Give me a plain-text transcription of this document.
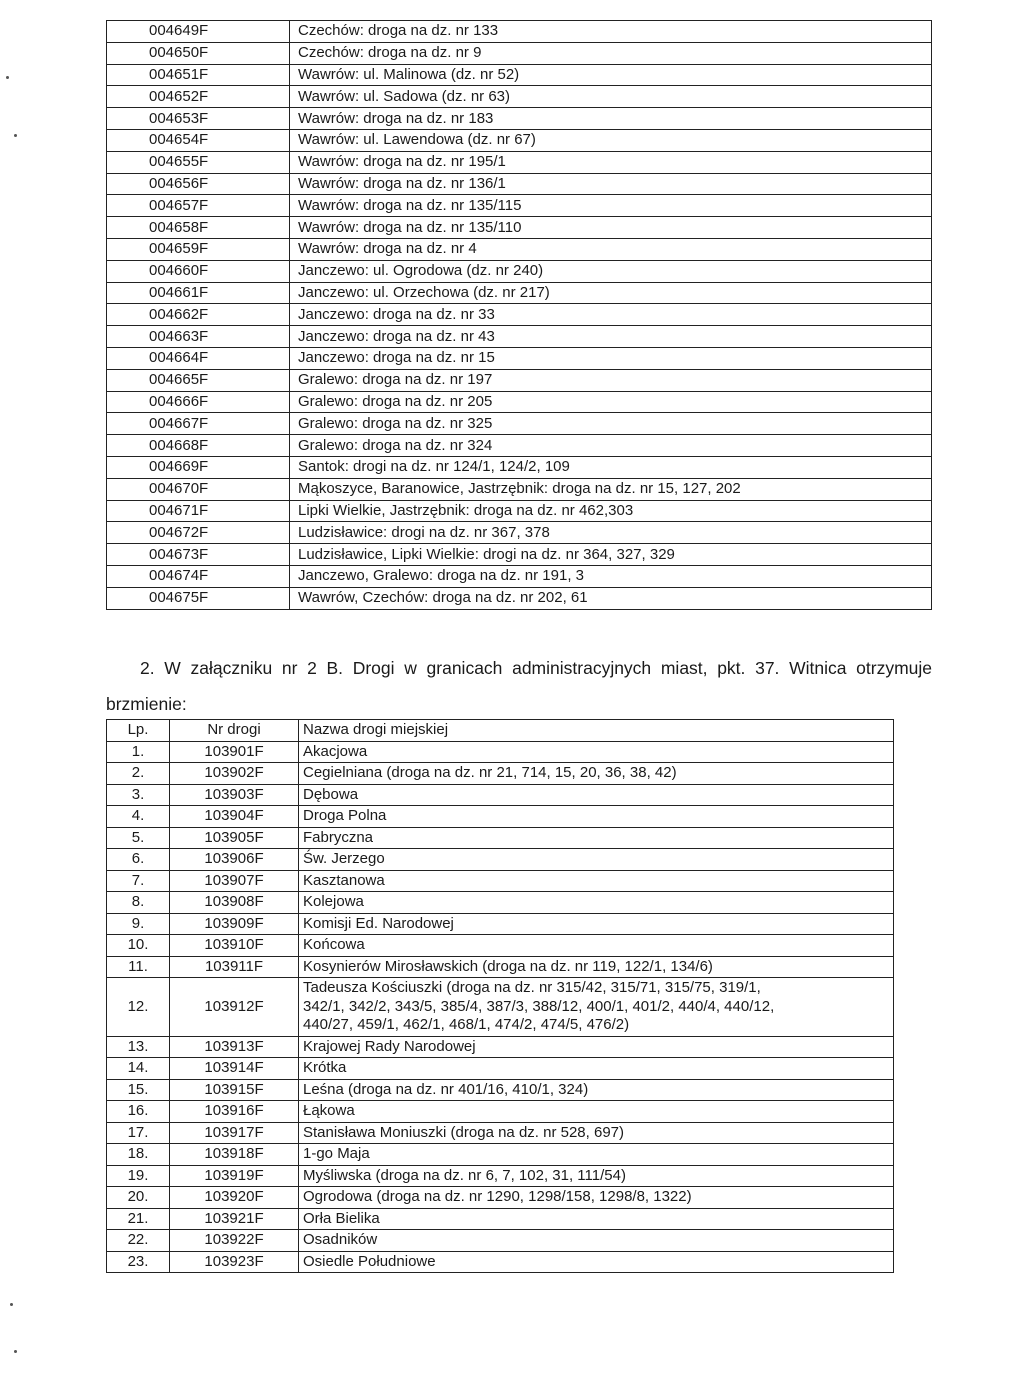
004649F	Czechów: droga na dz. nr 133
004650F	Czechów: droga na dz. nr 9
004651F	Wawrów: ul. Malinowa (dz. nr 52)
004652F	Wawrów: ul. Sadowa (dz. nr 63)
004653F	Wawrów: droga na dz. nr 183
004654F	Wawrów: ul. Lawendowa (dz. nr 67)
004655F	Wawrów: droga na dz. nr 195/1
004656F	Wawrów: droga na dz. nr 136/1
004657F	Wawrów: droga na dz. nr 135/115
004658F	Wawrów: droga na dz. nr 135/110
004659F	Wawrów: droga na dz. nr 4
004660F	Janczewo: ul. Ogrodowa (dz. nr 240)
004661F	Janczewo: ul. Orzechowa (dz. nr 217)
004662F	Janczewo: droga na dz. nr 33
004663F	Janczewo: droga na dz. nr 43
004664F	Janczewo: droga na dz. nr 15
004665F	Gralewo: droga na dz. nr 197
004666F	Gralewo: droga na dz. nr 205
004667F	Gralewo: droga na dz. nr 325
004668F	Gralewo: droga na dz. nr 324
004669F	Santok: drogi na dz. nr 124/1, 124/2, 109
004670F	Mąkoszyce, Baranowice, Jastrzębnik: droga na dz. nr 15, 127, 202
004671F	Lipki Wielkie, Jastrzębnik: droga na dz. nr 462,303
004672F	Ludzisławice: drogi na dz. nr 367, 378
004673F	Ludzisławice, Lipki Wielkie: drogi na dz. nr 364, 327, 329
004674F	Janczewo, Gralewo: droga na dz. nr 191, 3
004675F	Wawrów, Czechów: droga na dz. nr 202, 61
2. W załączniku nr 2 B. Drogi w granicach administracyjnych miast, pkt. 37. Witnica otrzymuje
brzmienie:
Lp.	Nr drogi	Nazwa drogi miejskiej
1.	103901F	Akacjowa
2.	103902F	Cegielniana (droga na dz. nr 21, 714, 15, 20, 36, 38, 42)
3.	103903F	Dębowa
4.	103904F	Droga Polna
5.	103905F	Fabryczna
6.	103906F	Św. Jerzego
7.	103907F	Kasztanowa
8.	103908F	Kolejowa
9.	103909F	Komisji Ed. Narodowej
10.	103910F	Końcowa
11.	103911F	Kosynierów Mirosławskich (droga na dz. nr 119, 122/1, 134/6)
12.	103912F	Tadeusza Kościuszki (droga na dz. nr 315/42, 315/71, 315/75, 319/1,
342/1, 342/2, 343/5, 385/4, 387/3, 388/12, 400/1, 401/2, 440/4, 440/12,
440/27, 459/1, 462/1, 468/1, 474/2, 474/5, 476/2)
13.	103913F	Krajowej Rady Narodowej
14.	103914F	Krótka
15.	103915F	Leśna (droga na dz. nr 401/16, 410/1, 324)
16.	103916F	Łąkowa
17.	103917F	Stanisława Moniuszki (droga na dz. nr 528, 697)
18.	103918F	1-go Maja
19.	103919F	Myśliwska (droga na dz. nr 6, 7, 102, 31, 111/54)
20.	103920F	Ogrodowa (droga na dz. nr 1290, 1298/158, 1298/8, 1322)
21.	103921F	Orła Bielika
22.	103922F	Osadników
23.	103923F	Osiedle Południowe
